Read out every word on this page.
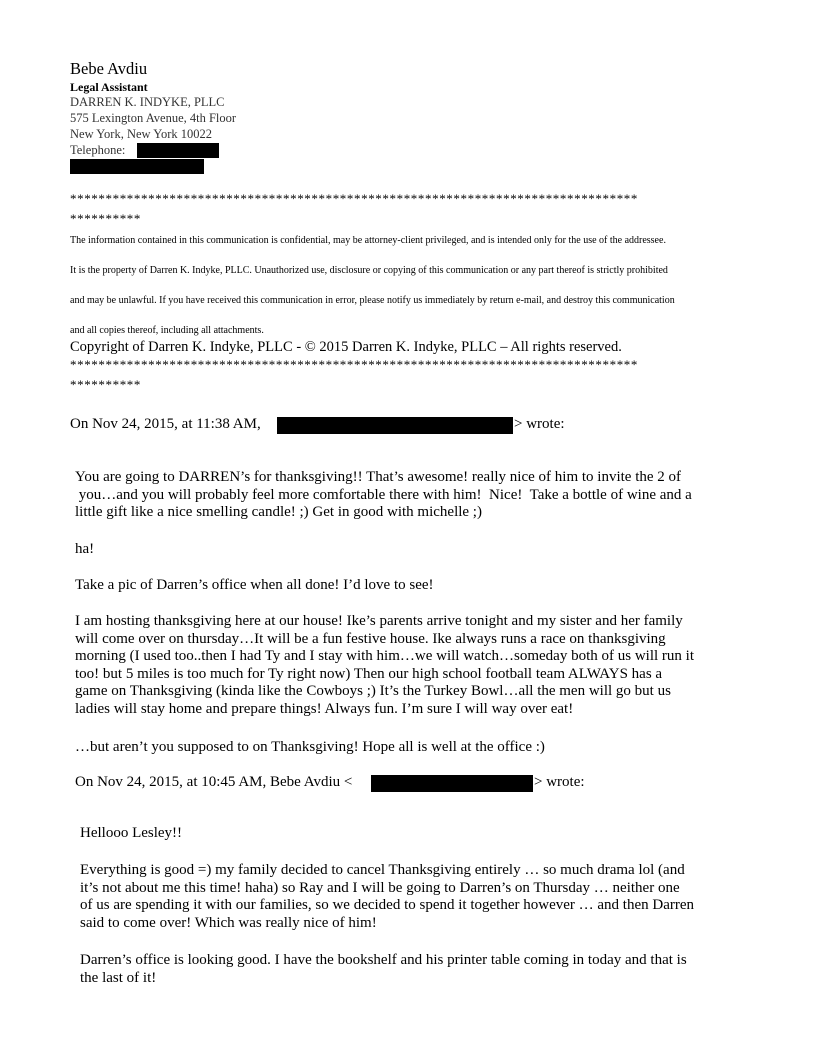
Bebe Avdiu
Legal Assistant
DARREN K. INDYKE, PLLC
575 Lexington Avenue, 4th Floor
New York, New York 10022
Telephone:
********************************************************************************
**********
The information contained in this communication is confidential, may be attorney-client privileged, and is intended only for the use of the addressee.
It is the property of Darren K. Indyke, PLLC. Unauthorized use, disclosure or copying of this communication or any part thereof is strictly prohibited
and may be unlawful. If you have received this communication in error, please notify us immediately by return e-mail, and destroy this communication
and all copies thereof, including all attachments.
Copyright of Darren K. Indyke, PLLC - © 2015 Darren K. Indyke, PLLC – All rights reserved.
********************************************************************************
**********
On Nov 24, 2015, at 11:38 AM,	> wrote:
You are going to DARREN’s for thanksgiving!! That’s awesome! really nice of him to invite the 2 of
you…and you will probably feel more comfortable there with him!  Nice!  Take a bottle of wine and a
little gift like a nice smelling candle! ;) Get in good with michelle ;)
ha!
Take a pic of Darren’s office when all done! I’d love to see!
I am hosting thanksgiving here at our house! Ike’s parents arrive tonight and my sister and her family
will come over on thursday…It will be a fun festive house. Ike always runs a race on thanksgiving
morning (I used too..then I had Ty and I stay with him…we will watch…someday both of us will run it
too! but 5 miles is too much for Ty right now) Then our high school football team ALWAYS has a
game on Thanksgiving (kinda like the Cowboys ;) It’s the Turkey Bowl…all the men will go but us
ladies will stay home and prepare things! Always fun. I’m sure I will way over eat!
…but aren’t you supposed to on Thanksgiving! Hope all is well at the office :)
On Nov 24, 2015, at 10:45 AM, Bebe Avdiu <	> wrote:
Hellooo Lesley!!
Everything is good =) my family decided to cancel Thanksgiving entirely … so much drama lol (and
it’s not about me this time! haha) so Ray and I will be going to Darren’s on Thursday … neither one
of us are spending it with our families, so we decided to spend it together however … and then Darren
said to come over! Which was really nice of him!
Darren’s office is looking good. I have the bookshelf and his printer table coming in today and that is
the last of it!
